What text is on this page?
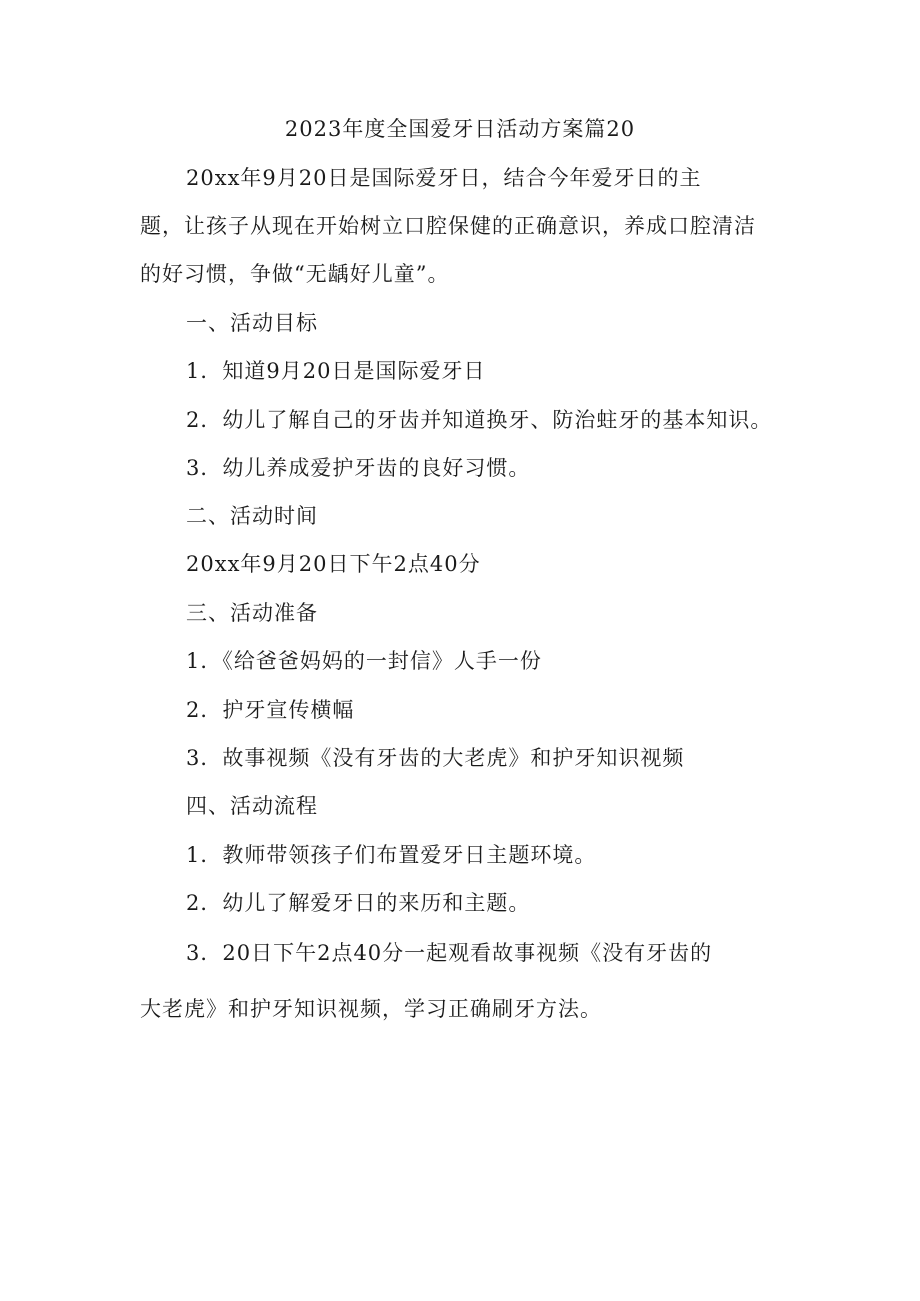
2023年度全国爱牙日活动方案篇20
20xx年9月20日是国际爱牙日，结合今年爱牙日的主
题，让孩子从现在开始树立口腔保健的正确意识，养成口腔清洁
的好习惯，争做“无龋好儿童”。
一、活动目标
1．知道9月20日是国际爱牙日
2．幼儿了解自己的牙齿并知道换牙、防治蛀牙的基本知识。
3．幼儿养成爱护牙齿的良好习惯。
二、活动时间
20xx年9月20日下午2点40分
三、活动准备
1．《给爸爸妈妈的一封信》人手一份
2．护牙宣传横幅
3．故事视频《没有牙齿的大老虎》和护牙知识视频
四、活动流程
1．教师带领孩子们布置爱牙日主题环境。
2．幼儿了解爱牙日的来历和主题。
3．20日下午2点40分一起观看故事视频《没有牙齿的
大老虎》和护牙知识视频，学习正确刷牙方法。
